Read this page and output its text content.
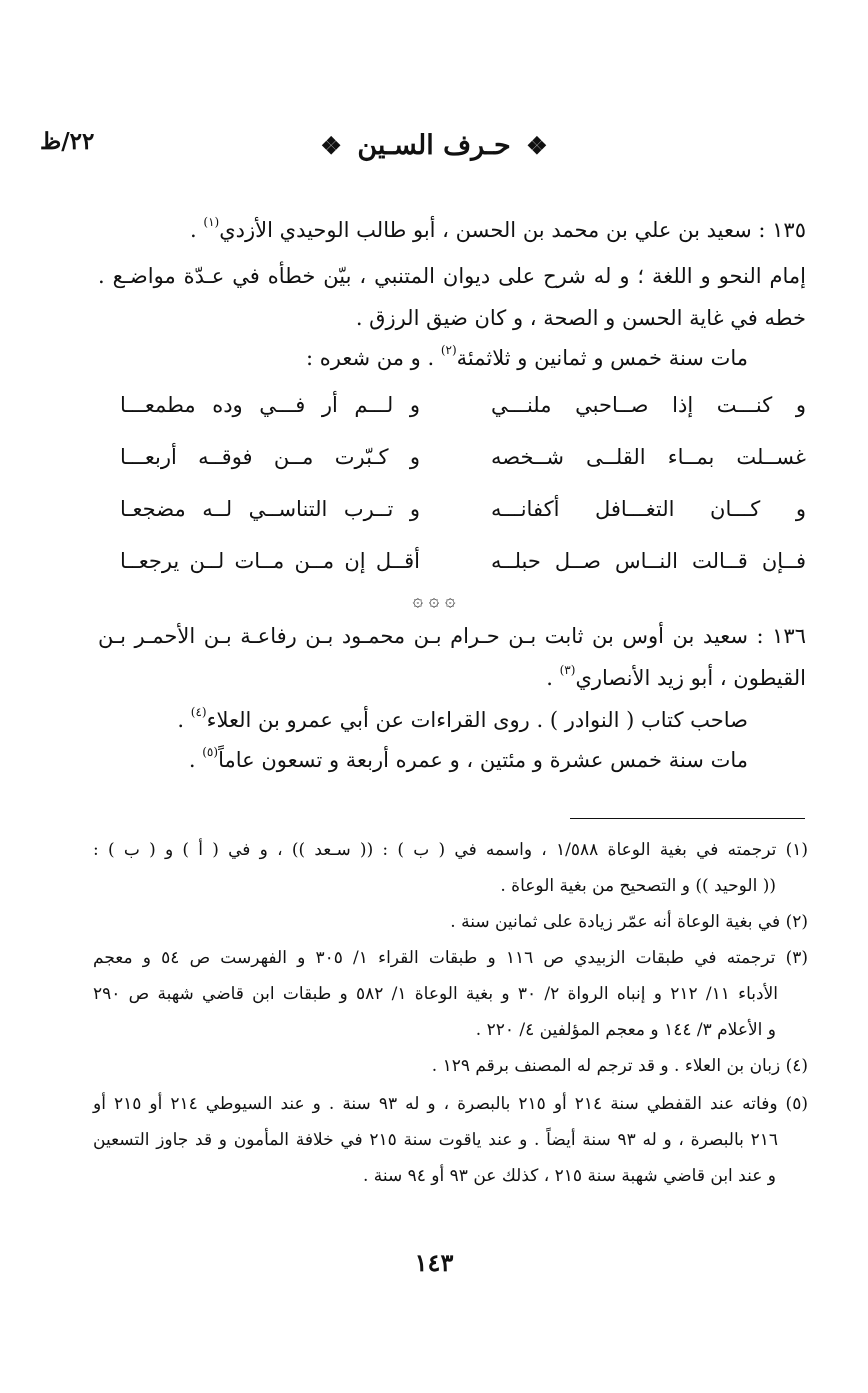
٢٢/ظ	❖ حـرف السـين ❖
١٣٥ : سعيد بن علي بن محمد بن الحسن ، أبو طالب الوحيدي الأزدي$^{(١)}$ .
إمام النحو و اللغة ؛ و له شرح على ديوان المتنبي ، بيّن خطأه في عـدّة مواضـع .
خطه في غاية الحسن و الصحة ، و كان ضيق الرزق .
مات سنة خمس و ثمانين و ثلاثمئة$^{(٢)}$ . و من شعره :
و كنـــت إذا صــاحبي ملنـــي
و لـــم أر فـــي وده مطمعـــا
غســلت بمــاء القلــى شــخصه
و كـبّرت مــن فوقــه أربعـــا
و كـــان التغـــافل أكفانـــه
و تــرب التناســي لــه مضجعـا
فــإن قــالت النــاس صــل حبلــه
أقــل إن مــن مــات لــن يرجعــا
۞ ۞ ۞
١٣٦ : سعيد بن أوس بن ثابت بـن حـرام بـن محمـود بـن رفاعـة بـن الأحمـر بـن
القيطون ، أبو زيد الأنصاري$^{(٣)}$ .
صاحب كتاب ( النوادر ) . روى القراءات عن أبي عمرو بن العلاء$^{(٤)}$ .
مات سنة خمس عشرة و مئتين ، و عمره أربعة و تسعون عاماً$^{(٥)}$ .
(١) ترجمته في بغية الوعاة ١/٥٨٨ ، واسمه في ( ب ) : (( سـعد )) ، و في ( أ ) و ( ب ) :
(( الوحيد )) و التصحيح من بغية الوعاة .
(٢) في بغية الوعاة أنه عمّر زيادة على ثمانين سنة .
(٣) ترجمته في طبقات الزبيدي ص ١١٦ و طبقات القراء ١/ ٣٠٥ و الفهرست ص ٥٤ و معجم
الأدباء ١١/ ٢١٢ و إنباه الرواة ٢/ ٣٠ و بغية الوعاة ١/ ٥٨٢ و طبقات ابن قاضي شهبة ص ٢٩٠
و الأعلام ٣/ ١٤٤ و معجم المؤلفين ٤/ ٢٢٠ .
(٤) زبان بن العلاء . و قد ترجم له المصنف برقم ١٢٩ .
(٥) وفاته عند القفطي سنة ٢١٤ أو ٢١٥ بالبصرة ، و له ٩٣ سنة . و عند السيوطي ٢١٤ أو ٢١٥ أو
٢١٦ بالبصرة ، و له ٩٣ سنة أيضاً . و عند ياقوت سنة ٢١٥ في خلافة المأمون و قد جاوز التسعين
و عند ابن قاضي شهبة سنة ٢١٥ ، كذلك عن ٩٣ أو ٩٤ سنة .
١٤٣
